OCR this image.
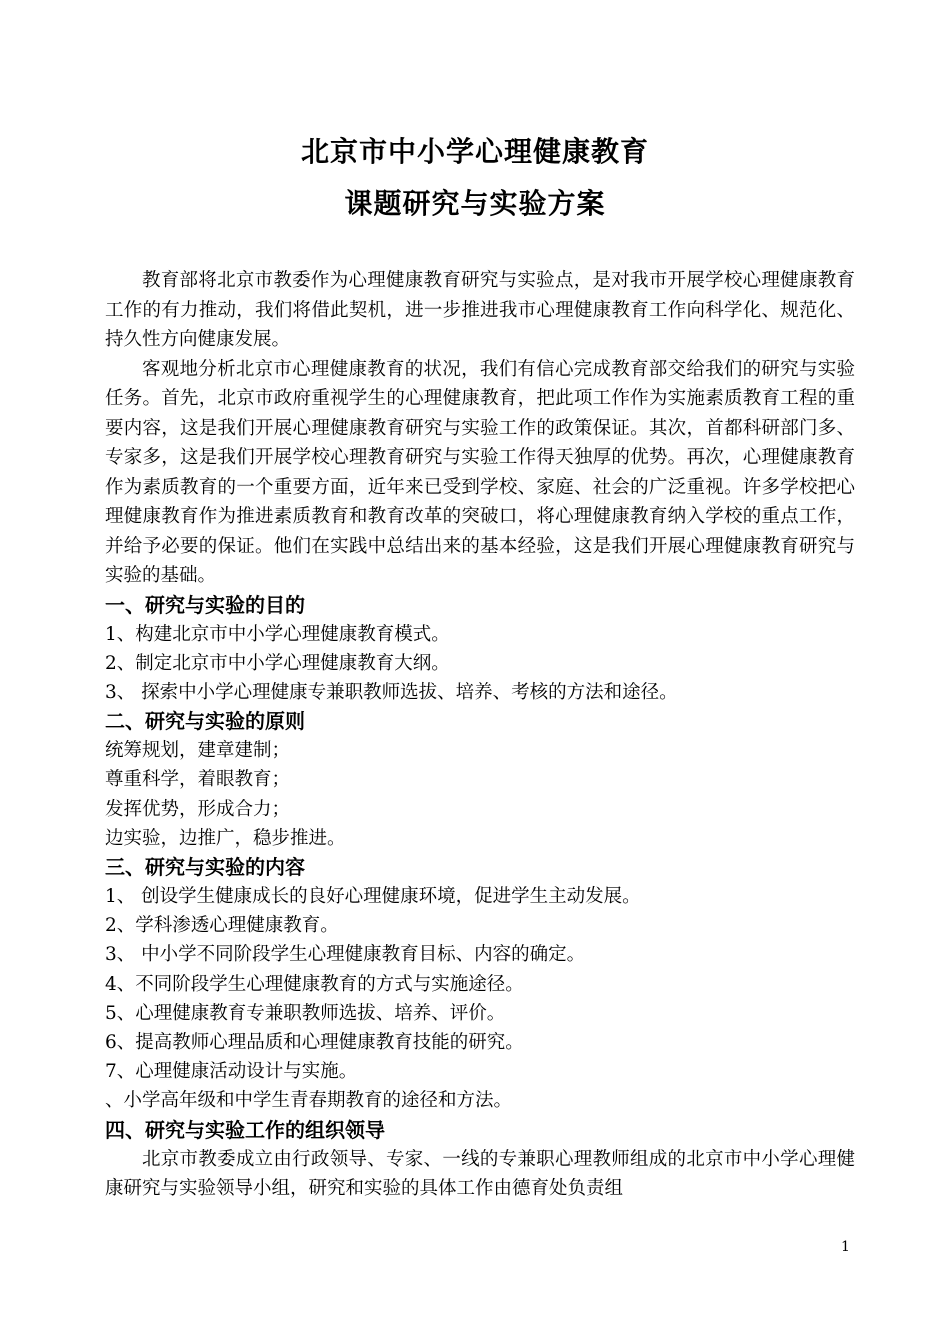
北京市中小学心理健康教育
课题研究与实验方案

教育部将北京市教委作为心理健康教育研究与实验点，是对我市开展学校心理健康教育工作的有力推动，我们将借此契机，进一步推进我市心理健康教育工作向科学化、规范化、持久性方向健康发展。

客观地分析北京市心理健康教育的状况，我们有信心完成教育部交给我们的研究与实验任务。首先，北京市政府重视学生的心理健康教育，把此项工作作为实施素质教育工程的重要内容，这是我们开展心理健康教育研究与实验工作的政策保证。其次，首都科研部门多、专家多，这是我们开展学校心理教育研究与实验工作得天独厚的优势。再次，心理健康教育作为素质教育的一个重要方面，近年来已受到学校、家庭、社会的广泛重视。许多学校把心理健康教育作为推进素质教育和教育改革的突破口，将心理健康教育纳入学校的重点工作，并给予必要的保证。他们在实践中总结出来的基本经验，这是我们开展心理健康教育研究与实验的基础。

一、研究与实验的目的

1、构建北京市中小学心理健康教育模式。

2、制定北京市中小学心理健康教育大纲。

3、 探索中小学心理健康专兼职教师选拔、培养、考核的方法和途径。

二、研究与实验的原则

统筹规划，建章建制；

尊重科学，着眼教育；

发挥优势，形成合力；

边实验，边推广，稳步推进。

三、研究与实验的内容

1、 创设学生健康成长的良好心理健康环境，促进学生主动发展。

2、学科渗透心理健康教育。

3、 中小学不同阶段学生心理健康教育目标、内容的确定。

4、不同阶段学生心理健康教育的方式与实施途径。

5、心理健康教育专兼职教师选拔、培养、评价。

6、提高教师心理品质和心理健康教育技能的研究。

7、心理健康活动设计与实施。

、小学高年级和中学生青春期教育的途径和方法。

四、研究与实验工作的组织领导

北京市教委成立由行政领导、专家、一线的专兼职心理教师组成的北京市中小学心理健康研究与实验领导小组，研究和实验的具体工作由德育处负责组

1
